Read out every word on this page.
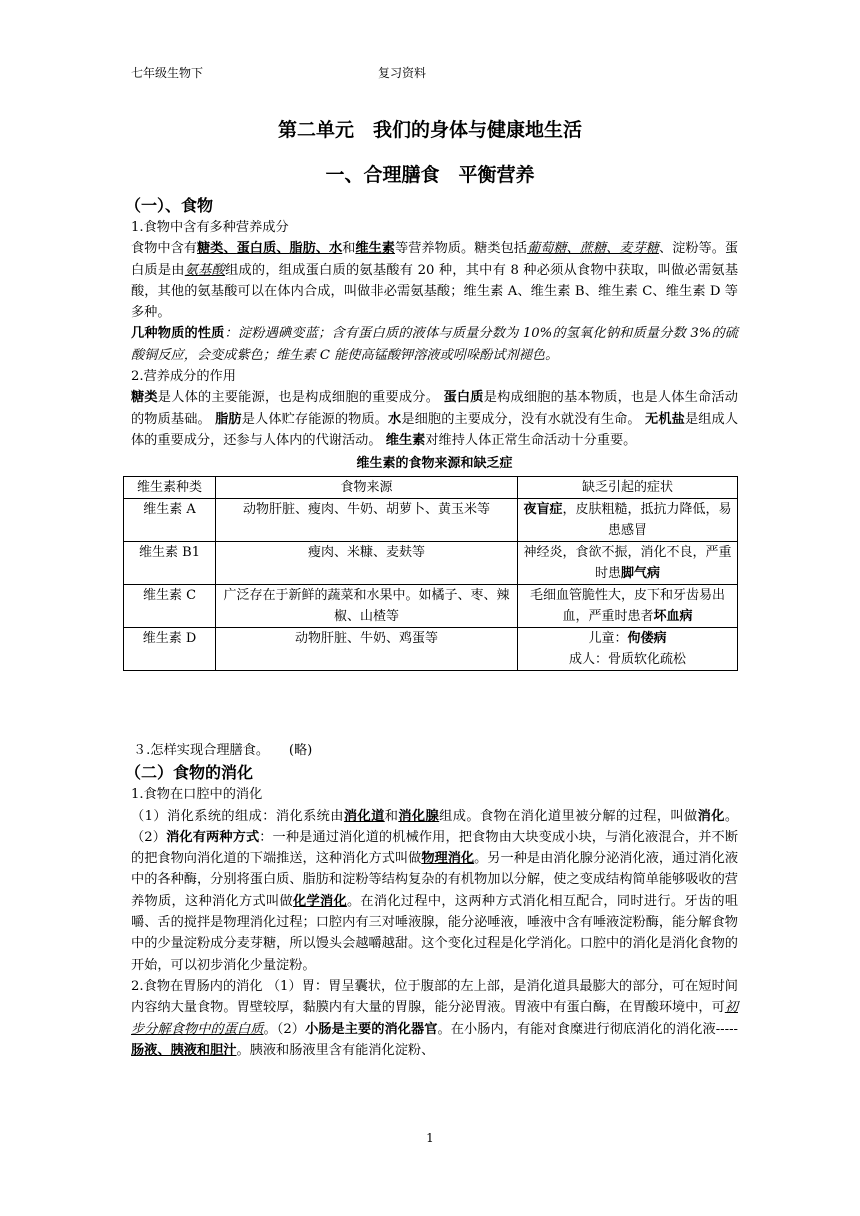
七年级生物下	复习资料
第二单元　我们的身体与健康地生活
一、合理膳食　平衡营养
（一）、食物

1.食物中含有多种营养成分

食物中含有糖类、蛋白质、脂肪、水和维生素等营养物质。糖类包括葡萄糖、蔗糖、麦芽糖、淀粉等。蛋白质是由氨基酸组成的，组成蛋白质的氨基酸有 20 种，其中有 8 种必须从食物中获取，叫做必需氨基酸，其他的氨基酸可以在体内合成，叫做非必需氨基酸；维生素 A、维生素 B、维生素 C、维生素 D 等多种。

几种物质的性质：淀粉遇碘变蓝；含有蛋白质的液体与质量分数为 10%的氢氧化钠和质量分数 3%的硫酸铜反应，会变成紫色；维生素 C 能使高锰酸钾溶液或吲哚酚试剂褪色。

2.营养成分的作用

糖类是人体的主要能源，也是构成细胞的重要成分。 蛋白质是构成细胞的基本物质，也是人体生命活动的物质基础。 脂肪是人体贮存能源的物质。水是细胞的主要成分，没有水就没有生命。 无机盐是组成人体的重要成分，还参与人体内的代谢活动。 维生素对维持人体正常生命活动十分重要。

维生素的食物来源和缺乏症
维生素种类	食物来源	缺乏引起的症状
维生素 A	动物肝脏、瘦肉、牛奶、胡萝卜、黄玉米等	夜盲症，皮肤粗糙，抵抗力降低，易患感冒
维生素 B1	瘦肉、米糠、麦麸等	神经炎，食欲不振，消化不良，严重时患脚气病
维生素 C	广泛存在于新鲜的蔬菜和水果中。如橘子、枣、辣椒、山楂等	毛细血管脆性大，皮下和牙齿易出血，严重时患者坏血病
维生素 D	动物肝脏、牛奶、鸡蛋等	儿童：佝偻病
成人：骨质软化疏松

３.怎样实现合理膳食。　　(略)

（二）食物的消化

1.食物在口腔中的消化

（1）消化系统的组成：消化系统由消化道和消化腺组成。食物在消化道里被分解的过程，叫做消化。（2）消化有两种方式：一种是通过消化道的机械作用，把食物由大块变成小块，与消化液混合，并不断的把食物向消化道的下端推送，这种消化方式叫做物理消化。另一种是由消化腺分泌消化液，通过消化液中的各种酶，分别将蛋白质、脂肪和淀粉等结构复杂的有机物加以分解，使之变成结构简单能够吸收的营养物质，这种消化方式叫做化学消化。在消化过程中，这两种方式消化相互配合，同时进行。牙齿的咀嚼、舌的搅拌是物理消化过程；口腔内有三对唾液腺，能分泌唾液，唾液中含有唾液淀粉酶，能分解食物中的少量淀粉成分麦芽糖，所以馒头会越嚼越甜。这个变化过程是化学消化。口腔中的消化是消化食物的开始，可以初步消化少量淀粉。

2.食物在胃肠内的消化 （1）胃：胃呈囊状，位于腹部的左上部，是消化道具最膨大的部分，可在短时间内容纳大量食物。胃壁较厚，黏膜内有大量的胃腺，能分泌胃液。胃液中有蛋白酶，在胃酸环境中，可初步分解食物中的蛋白质。（2）小肠是主要的消化器官。在小肠内，有能对食糜进行彻底消化的消化液-----肠液、胰液和胆汁。胰液和肠液里含有能消化淀粉、

1
